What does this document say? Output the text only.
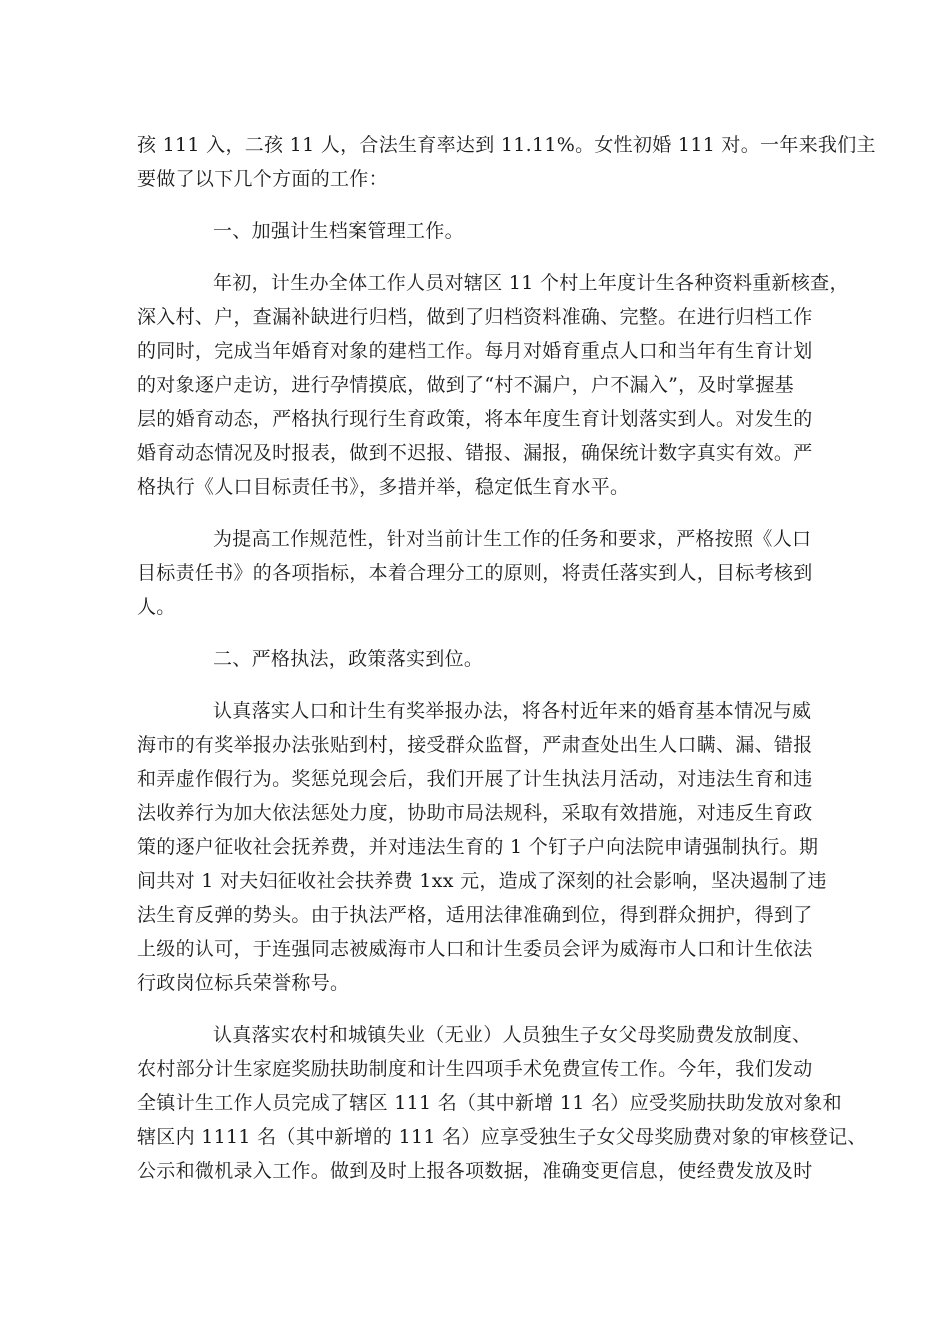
孩 111 入，二孩 11 人，合法生育率达到 11.11%。女性初婚 111 对。一年来我们主
要做了以下几个方面的工作：
一、加强计生档案管理工作。
年初，计生办全体工作人员对辖区 11 个村上年度计生各种资料重新核查，
深入村、户，查漏补缺进行归档，做到了归档资料准确、完整。在进行归档工作
的同时，完成当年婚育对象的建档工作。每月对婚育重点人口和当年有生育计划
的对象逐户走访，进行孕情摸底，做到了“村不漏户，户不漏入”，及时掌握基
层的婚育动态，严格执行现行生育政策，将本年度生育计划落实到人。对发生的
婚育动态情况及时报表，做到不迟报、错报、漏报，确保统计数字真实有效。严
格执行《人口目标责任书》，多措并举，稳定低生育水平。
为提高工作规范性，针对当前计生工作的任务和要求，严格按照《人口
目标责任书》的各项指标，本着合理分工的原则，将责任落实到人，目标考核到
人。
二、严格执法，政策落实到位。
认真落实人口和计生有奖举报办法，将各村近年来的婚育基本情况与威
海市的有奖举报办法张贴到村，接受群众监督，严肃查处出生人口瞒、漏、错报
和弄虚作假行为。奖惩兑现会后，我们开展了计生执法月活动，对违法生育和违
法收养行为加大依法惩处力度，协助市局法规科，采取有效措施，对违反生育政
策的逐户征收社会抚养费，并对违法生育的 1 个钉子户向法院申请强制执行。期
间共对 1 对夫妇征收社会扶养费 1xx 元，造成了深刻的社会影响，坚决遏制了违
法生育反弹的势头。由于执法严格，适用法律准确到位，得到群众拥护，得到了
上级的认可，于连强同志被威海市人口和计生委员会评为威海市人口和计生依法
行政岗位标兵荣誉称号。
认真落实农村和城镇失业（无业）人员独生子女父母奖励费发放制度、
农村部分计生家庭奖励扶助制度和计生四项手术免费宣传工作。今年，我们发动
全镇计生工作人员完成了辖区 111 名（其中新增 11 名）应受奖励扶助发放对象和
辖区内 1111 名（其中新增的 111 名）应享受独生子女父母奖励费对象的审核登记、
公示和微机录入工作。做到及时上报各项数据，准确变更信息，使经费发放及时
